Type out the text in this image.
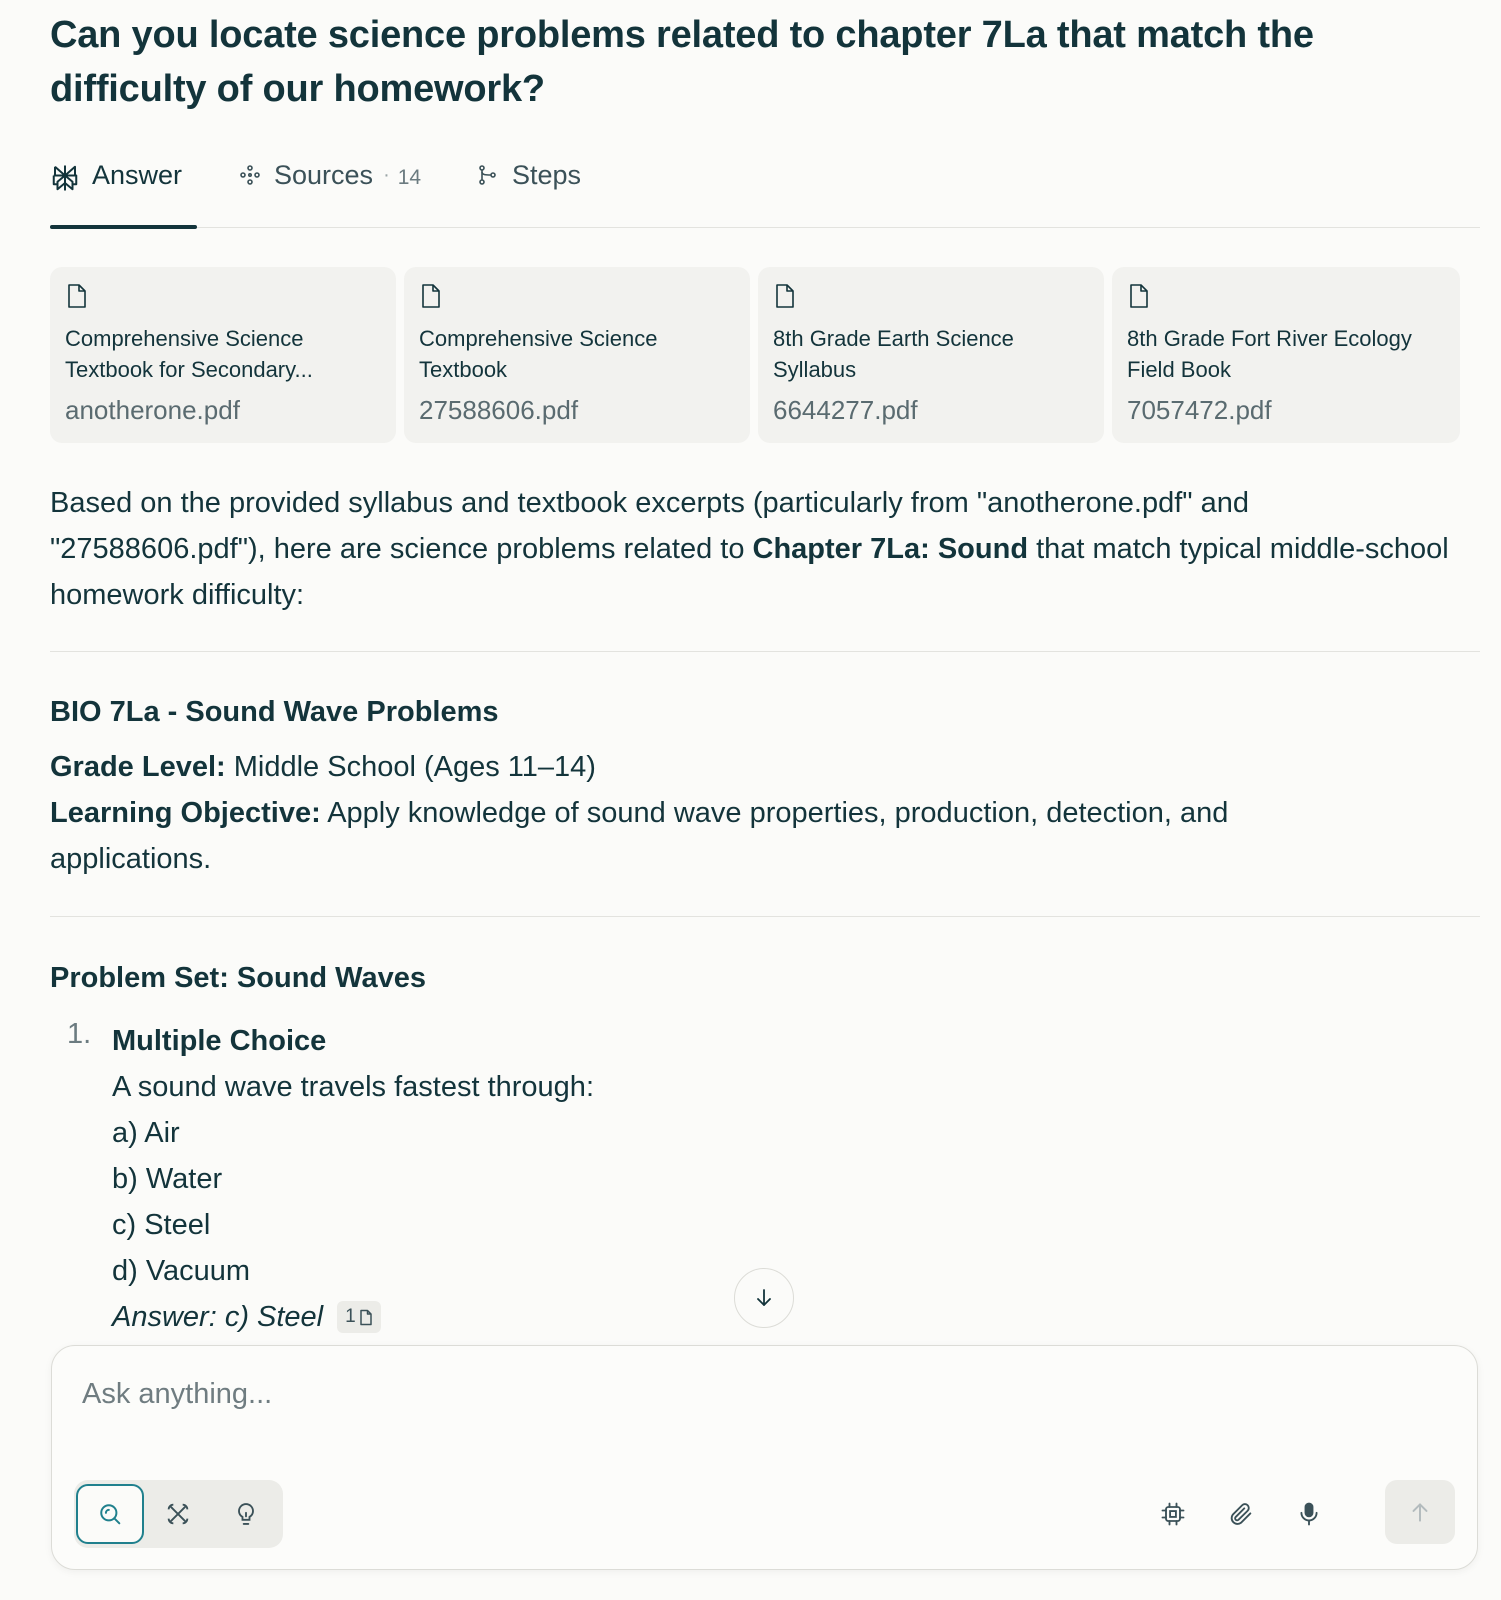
Can you locate science problems related to chapter 7La that match the difficulty of our homework?
Answer	Sources · 14	Steps
Comprehensive Science Textbook for Secondary...
anotherone.pdf
Comprehensive Science Textbook
27588606.pdf
8th Grade Earth Science Syllabus
6644277.pdf
8th Grade Fort River Ecology Field Book
7057472.pdf

Based on the provided syllabus and textbook excerpts (particularly from "anotherone.pdf" and "27588606.pdf"), here are science problems related to Chapter 7La: Sound that match typical middle-school homework difficulty:

BIO 7La - Sound Wave Problems
Grade Level: Middle School (Ages 11–14)
Learning Objective: Apply knowledge of sound wave properties, production, detection, and applications.
Problem Set: Sound Waves
1. Multiple Choice
A sound wave travels fastest through:
a) Air
b) Water
c) Steel
d) Vacuum
Answer: c) Steel 1
Ask anything...
